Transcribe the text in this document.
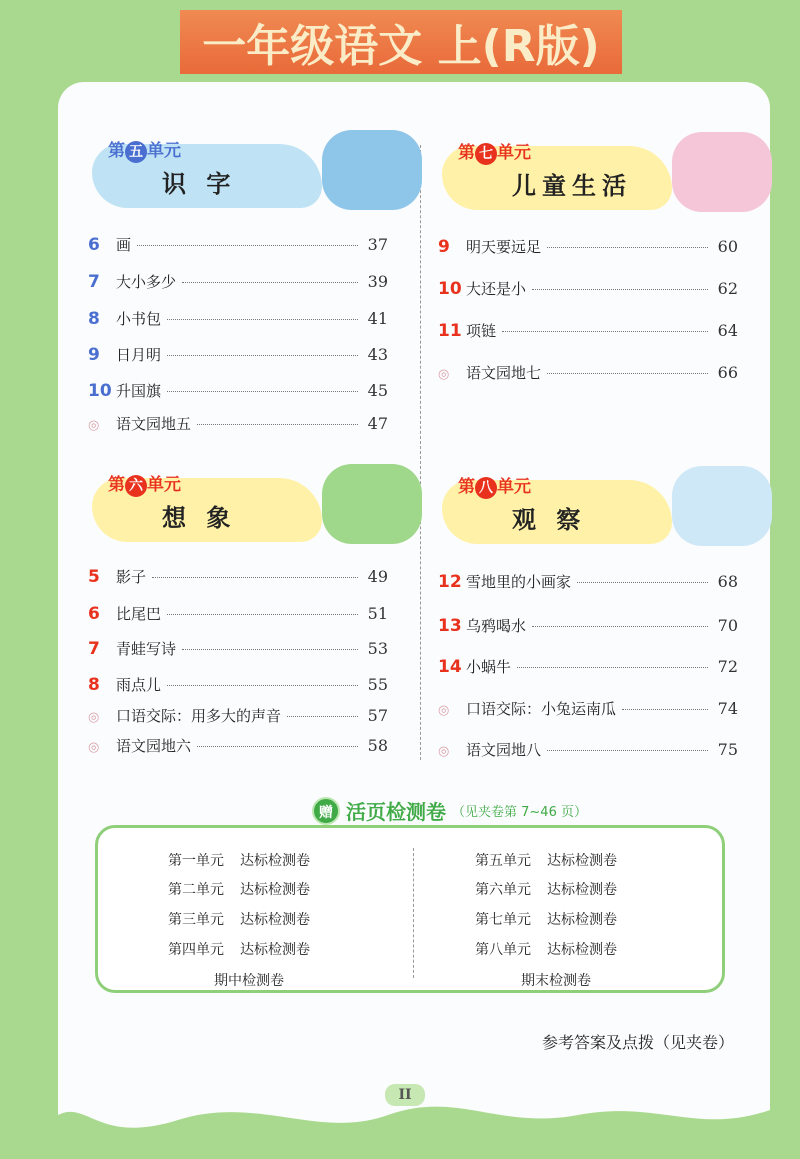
第 五 单元
识 字
6	画	37
7	大小多少	39
8	小书包	41
9	日月明	43
10 升国旗	45
◎	语文园地五	47
第 七 单元
儿童生活
9	明天要远足	60
10 大还是小	62
11 项链	64
◎	语文园地七	66
第 六 单元
想 象
5	影子	49
6	比尾巴	51
7	青蛙写诗	53
8	雨点儿	55
◎	口语交际：用多大的声音	57
◎	语文园地六	58
第 八 单元
观 察
12 雪地里的小画家	68
13 乌鸦喝水	70
14 小蜗牛	72
◎	口语交际：小兔运南瓜	74
◎	语文园地八	75
赠 活页检测卷 （见夹卷第 7~46 页）
第一单元 达标检测卷
第二单元 达标检测卷
第三单元 达标检测卷
第四单元 达标检测卷
期中检测卷
第五单元 达标检测卷
第六单元 达标检测卷
第七单元 达标检测卷
第八单元 达标检测卷
期末检测卷
参考答案及点拨（见夹卷）
II
一年级语文 上(R版)
